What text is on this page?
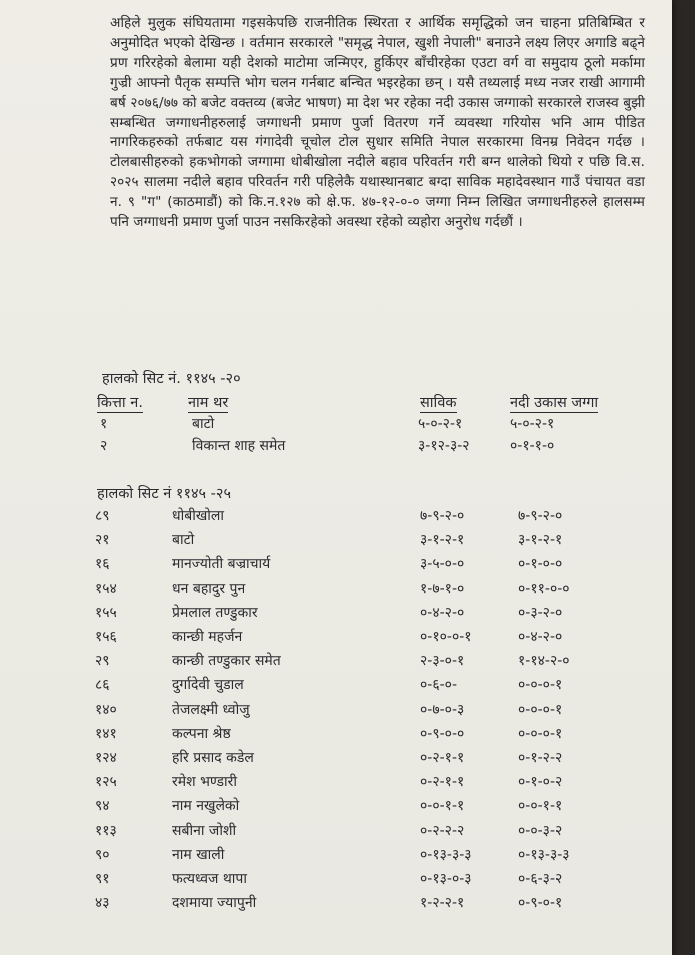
अहिले मुलुक संघियतामा गइसकेपछि राजनीतिक स्थिरता र आर्थिक समृद्धिको जन चाहना प्रतिबिम्बित र अनुमोदित भएको देखिन्छ । वर्तमान सरकारले "समृद्ध नेपाल, खुशी नेपाली" बनाउने लक्ष्य लिएर अगाडि बढ्ने प्रण गरिरहेको बेलामा यही देशको माटोमा जन्मिएर, हुर्किएर बाँचीरहेका एउटा वर्ग वा समुदाय ठूलो मर्कामा गुज्री आफ्नो पैतृक सम्पत्ति भोग चलन गर्नबाट बन्चित भइरहेका छन् । यसै तथ्यलाई मध्य नजर राखी आगामी बर्ष २०७६/७७ को बजेट वक्तव्य (बजेट भाषण) मा देश भर रहेका नदी उकास जग्गाको सरकारले राजस्व बुझी सम्बन्धित जग्गाधनीहरुलाई जग्गाधनी प्रमाण पुर्जा वितरण गर्ने व्यवस्था गरियोस भनि आम पीडित नागरिकहरुको तर्फबाट यस गंगादेवी चूचोल टोल सुधार समिति नेपाल सरकारमा विनम्र निवेदन गर्दछ । टोलबासीहरुको हकभोगको जग्गामा धोबीखोला नदीले बहाव परिवर्तन गरी बग्न थालेको थियो र पछि वि.स. २०२५ सालमा नदीले बहाव परिवर्तन गरी पहिलेकै यथास्थानबाट बग्दा साविक महादेवस्थान गाउँ पंचायत वडा न. ९ "ग" (काठमाडौं) को कि.न.१२७ को क्षे.फ. ४७-१२-०-० जग्गा निम्न लिखित जग्गाधनीहरुले हालसम्म पनि जग्गाधनी प्रमाण पुर्जा पाउन नसकिरहेको अवस्था रहेको व्यहोरा अनुरोध गर्दछौं ।
हालको सिट नं. ११४५ -२०
कित्ता न.	नाम थर	साविक	नदी उकास जग्गा
१	बाटो	५-०-२-१	५-०-२-१
२	विकान्त शाह समेत	३-१२-३-२	०-१-१-०
हालको सिट नं ११४५ -२५
८९	धोबीखोला	७-९-२-०	७-९-२-०
२१	बाटो	३-१-२-१	३-१-२-१
१६	मानज्योती बज्राचार्य	३-५-०-०	०-१-०-०
१५४	धन बहादुर पुन	१-७-१-०	०-११-०-०
१५५	प्रेमलाल तण्डुकार	०-४-२-०	०-३-२-०
१५६	कान्छी महर्जन	०-१०-०-१	०-४-२-०
२९	कान्छी तण्डुकार समेत	२-३-०-१	१-१४-२-०
८६	दुर्गादेवी चुडाल	०-६-०-	०-०-०-१
१४०	तेजलक्ष्मी ध्वोजु	०-७-०-३	०-०-०-१
१४१	कल्पना श्रेष्ठ	०-९-०-०	०-०-०-१
१२४	हरि प्रसाद कडेल	०-२-१-१	०-१-२-२
१२५	रमेश भण्डारी	०-२-१-१	०-१-०-२
९४	नाम नखुलेको	०-०-१-१	०-०-१-१
११३	सबीना जोशी	०-२-२-२	०-०-३-२
९०	नाम खाली	०-१३-३-३	०-१३-३-३
९१	फत्यध्वज थापा	०-१३-०-३	०-६-३-२
४३	दशमाया ज्यापुनी	१-२-२-१	०-९-०-१
